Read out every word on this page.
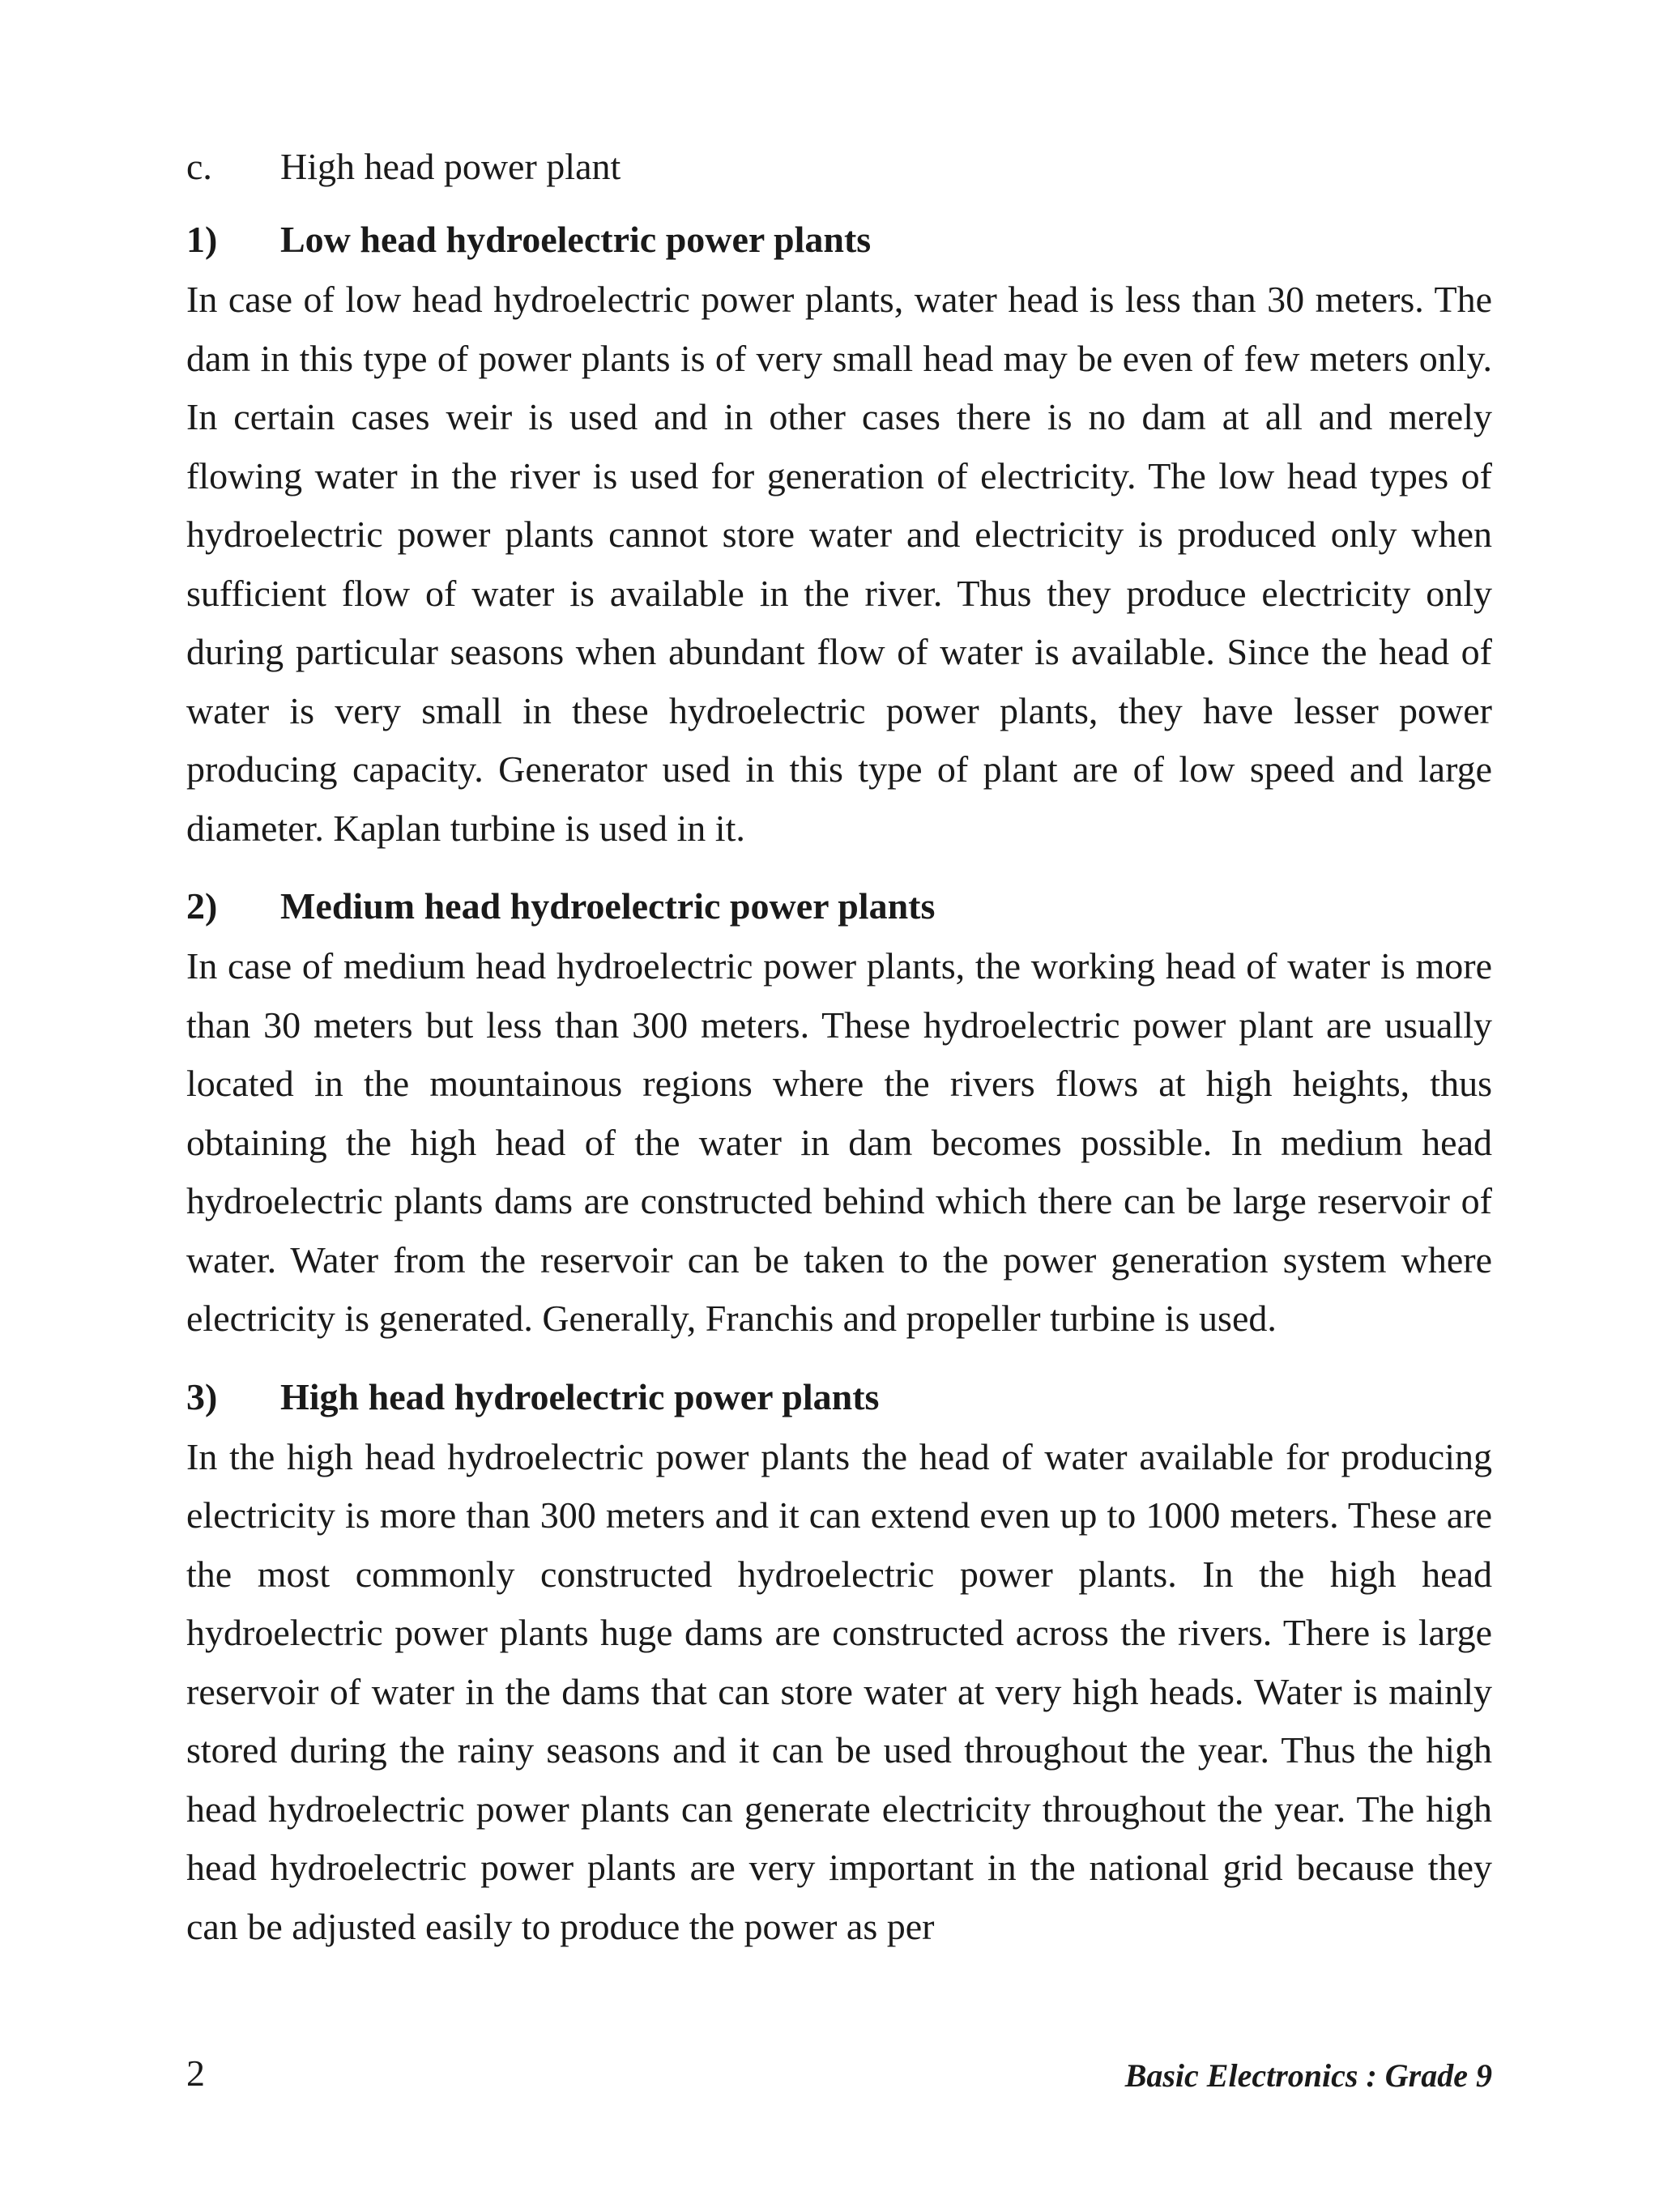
c.	High head power plant
1)	Low head hydroelectric power plants

In case of low head hydroelectric power plants, water head is less than 30 meters. The dam in this type of power plants is of very small head may be even of few meters only. In certain cases weir is used and in other cases there is no dam at all and merely flowing water in the river is used for generation of electricity. The low head types of hydroelectric power plants cannot store water and electricity is produced only when sufficient flow of water is available in the river. Thus they produce electricity only during particular seasons when abundant flow of water is available. Since the head of water is very small in these hydroelectric power plants, they have lesser power producing capacity. Generator used in this type of plant are of low speed and large diameter. Kaplan turbine is used in it.

2)	Medium head hydroelectric power plants

In case of medium head hydroelectric power plants, the working head of water is more than 30 meters but less than 300 meters. These hydroelectric power plant are usually located in the mountainous regions where the rivers flows at high heights, thus obtaining the high head of the water in dam becomes possible. In medium head hydroelectric plants dams are constructed behind which there can be large reservoir of water. Water from the reservoir can be taken to the power generation system where electricity is generated. Generally, Franchis and propeller turbine is used.

3)	High head hydroelectric power plants

In the high head hydroelectric power plants the head of water available for producing electricity is more than 300 meters and it can extend even up to 1000 meters. These are the most commonly constructed hydroelectric power plants. In the high head hydroelectric power plants huge dams are constructed across the rivers. There is large reservoir of water in the dams that can store water at very high heads. Water is mainly stored during the rainy seasons and it can be used throughout the year. Thus the high head hydroelectric power plants can generate electricity throughout the year. The high head hydroelectric power plants are very important in the national grid because they can be adjusted easily to produce the power as per

2	Basic Electronics : Grade 9
